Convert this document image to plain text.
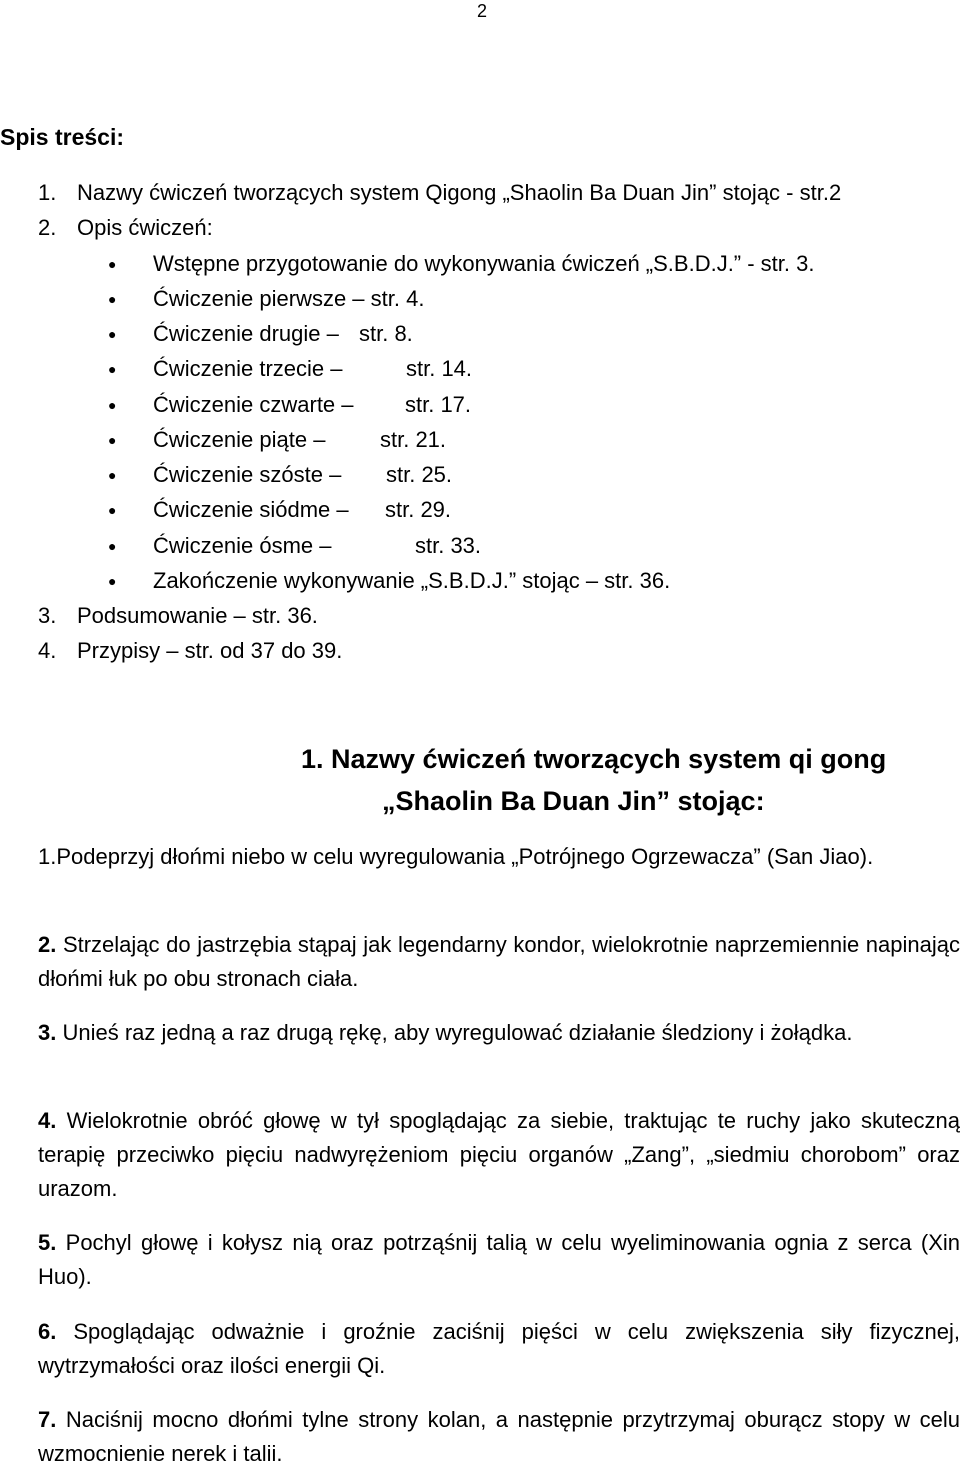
2
Spis treści:
1. Nazwy ćwiczeń tworzących system Qigong „Shaolin Ba Duan Jin” stojąc - str.2
2. Opis ćwiczeń:
● Wstępne przygotowanie do wykonywania ćwiczeń „S.B.D.J.” - str. 3.
● Ćwiczenie pierwsze – str. 4.
● Ćwiczenie drugie – str. 8.
● Ćwiczenie trzecie –	str. 14.
● Ćwiczenie czwarte – str. 17.
● Ćwiczenie piąte – str. 21.
● Ćwiczenie szóste – str. 25.
● Ćwiczenie siódme – str. 29.
● Ćwiczenie ósme –	str. 33.
● Zakończenie wykonywanie „S.B.D.J.” stojąc – str. 36.
3. Podsumowanie – str. 36.
4. Przypisy – str. od 37 do 39.
1. Nazwy ćwiczeń tworzących system qi gong
„Shaolin Ba Duan Jin” stojąc:

1.Podeprzyj dłońmi niebo w celu wyregulowania „Potrójnego Ogrzewacza” (San Jiao).

2. Strzelając do jastrzębia stąpaj jak legendarny kondor, wielokrotnie naprzemiennie napinając dłońmi łuk po obu stronach ciała.

3. Unieś raz jedną a raz drugą rękę, aby wyregulować działanie śledziony i żołądka.

4. Wielokrotnie obróć głowę w tył spoglądając za siebie, traktując te ruchy jako skuteczną terapię przeciwko pięciu nadwyrężeniom pięciu organów „Zang”, „siedmiu chorobom” oraz urazom.

5. Pochyl głowę i kołysz nią oraz potrząśnij talią w celu wyeliminowania ognia z serca (Xin Huo).

6. Spoglądając odważnie i groźnie zaciśnij pięści w celu zwiększenia siły fizycznej, wytrzymałości oraz ilości energii Qi.

7. Naciśnij mocno dłońmi tylne strony kolan, a następnie przytrzymaj oburącz stopy w celu wzmocnienie nerek i talii.
